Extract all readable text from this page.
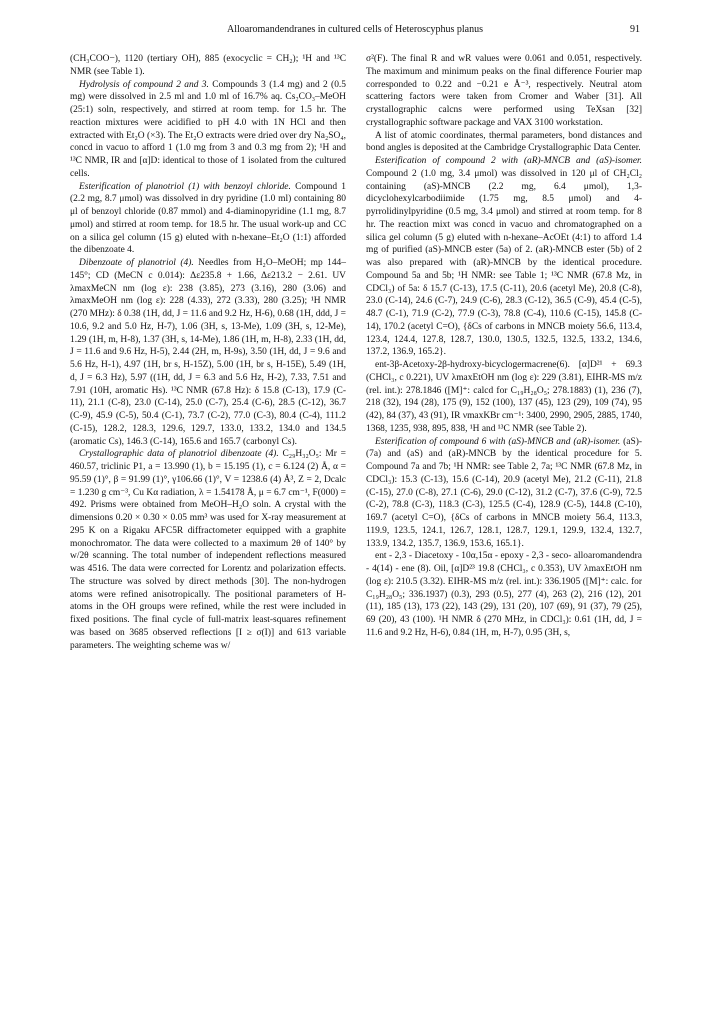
Alloaromandendranes in cultured cells of Heteroscyphus planus	91

(CH₃COO−), 1120 (tertiary OH), 885 (exocyclic = CH₂); ¹H and ¹³C NMR (see Table 1).

Hydrolysis of compound 2 and 3. Compounds 3 (1.4 mg) and 2 (0.5 mg) were dissolved in 2.5 ml and 1.0 ml of 16.7% aq. Cs₂CO₃–MeOH (25:1) soln, respectively, and stirred at room temp. for 1.5 hr. The reaction mixtures were acidified to pH 4.0 with 1N HCl and then extracted with Et₂O (×3). The Et₂O extracts were dried over dry Na₂SO₄, concd in vacuo to afford 1 (1.0 mg from 3 and 0.3 mg from 2); ¹H and ¹³C NMR, IR and [α]D: identical to those of 1 isolated from the cultured cells.

Esterification of planotriol (1) with benzoyl chloride. Compound 1 (2.2 mg, 8.7 μmol) was dissolved in dry pyridine (1.0 ml) containing 80 μl of benzoyl chloride (0.87 mmol) and 4-diaminopyridine (1.1 mg, 8.7 μmol) and stirred at room temp. for 18.5 hr. The usual work-up and CC on a silica gel column (15 g) eluted with n-hexane–Et₂O (1:1) afforded the dibenzoate 4.

Dibenzoate of planotriol (4). Needles from H₂O–MeOH; mp 144–145°; CD (MeCN c 0.014): Δε235.8 + 1.66, Δε213.2 − 2.61. UV λmaxMeCN nm (log ε): 238 (3.85), 273 (3.16), 280 (3.06) and λmaxMeOH nm (log ε): 228 (4.33), 272 (3.33), 280 (3.25); ¹H NMR (270 MHz): δ 0.38 (1H, dd, J = 11.6 and 9.2 Hz, H-6), 0.68 (1H, ddd, J = 10.6, 9.2 and 5.0 Hz, H-7), 1.06 (3H, s, 13-Me), 1.09 (3H, s, 12-Me), 1.29 (1H, m, H-8), 1.37 (3H, s, 14-Me), 1.86 (1H, m, H-8), 2.33 (1H, dd, J = 11.6 and 9.6 Hz, H-5), 2.44 (2H, m, H-9s), 3.50 (1H, dd, J = 9.6 and 5.6 Hz, H-1), 4.97 (1H, br s, H-15Z), 5.00 (1H, br s, H-15E), 5.49 (1H, d, J = 6.3 Hz), 5.97 ((1H, dd, J = 6.3 and 5.6 Hz, H-2), 7.33, 7.51 and 7.91 (10H, aromatic Hs). ¹³C NMR (67.8 Hz): δ 15.8 (C-13), 17.9 (C-11), 21.1 (C-8), 23.0 (C-14), 25.0 (C-7), 25.4 (C-6), 28.5 (C-12), 36.7 (C-9), 45.9 (C-5), 50.4 (C-1), 73.7 (C-2), 77.0 (C-3), 80.4 (C-4), 111.2 (C-15), 128.2, 128.3, 129.6, 129.7, 133.0, 133.2, 134.0 and 134.5 (aromatic Cs), 146.3 (C-14), 165.6 and 165.7 (carbonyl Cs).

Crystallographic data of planotriol dibenzoate (4). C₂₉H₃₂O₅: Mr = 460.57, triclinic P1, a = 13.990 (1), b = 15.195 (1), c = 6.124 (2) Å, α = 95.59 (1)°, β = 91.99 (1)°, γ106.66 (1)°, V = 1238.6 (4) Å³, Z = 2, Dcalc = 1.230 g cm⁻³, Cu Kα radiation, λ = 1.54178 Å, μ = 6.7 cm⁻¹, F(000) = 492. Prisms were obtained from MeOH–H₂O soln. A crystal with the dimensions 0.20 × 0.30 × 0.05 mm³ was used for X-ray measurement at 295 K on a Rigaku AFC5R diffractometer equipped with a graphite monochromator. The data were collected to a maximum 2θ of 140° by w/2θ scanning. The total number of independent reflections measured was 4516. The data were corrected for Lorentz and polarization effects. The structure was solved by direct methods [30]. The non-hydrogen atoms were refined anisotropically. The positional parameters of H-atoms in the OH groups were refined, while the rest were included in fixed positions. The final cycle of full-matrix least-squares refinement was based on 3685 observed reflections [I ≥ σ(I)] and 613 variable parameters. The weighting scheme was w/

σ²(F). The final R and wR values were 0.061 and 0.051, respectively. The maximum and minimum peaks on the final difference Fourier map corresponded to 0.22 and −0.21 e Å⁻³, respectively. Neutral atom scattering factors were taken from Cromer and Waber [31]. All crystallographic calcns were performed using TeXsan [32] crystallographic software package and VAX 3100 workstation.

A list of atomic coordinates, thermal parameters, bond distances and bond angles is deposited at the Cambridge Crystallographic Data Center.

Esterification of compound 2 with (aR)-MNCB and (aS)-isomer. Compound 2 (1.0 mg, 3.4 μmol) was dissolved in 120 μl of CH₂Cl₂ containing (aS)-MNCB (2.2 mg, 6.4 μmol), 1,3-dicyclohexylcarbodiimide (1.75 mg, 8.5 μmol) and 4-pyrrolidinylpyridine (0.5 mg, 3.4 μmol) and stirred at room temp. for 8 hr. The reaction mixt was concd in vacuo and chromatographed on a silica gel column (5 g) eluted with n-hexane–AcOEt (4:1) to afford 1.4 mg of purified (aS)-MNCB ester (5a) of 2. (aR)-MNCB ester (5b) of 2 was also prepared with (aR)-MNCB by the identical procedure. Compound 5a and 5b; ¹H NMR: see Table 1; ¹³C NMR (67.8 Mz, in CDCl₃) of 5a: δ 15.7 (C-13), 17.5 (C-11), 20.6 (acetyl Me), 20.8 (C-8), 23.0 (C-14), 24.6 (C-7), 24.9 (C-6), 28.3 (C-12), 36.5 (C-9), 45.4 (C-5), 48.7 (C-1), 71.9 (C-2), 77.9 (C-3), 78.8 (C-4), 110.6 (C-15), 145.8 (C-14), 170.2 (acetyl C=O), {δCs of carbons in MNCB moiety 56.6, 113.4, 123.4, 124.4, 127.8, 128.7, 130.0, 130.5, 132.5, 132.5, 133.2, 134.6, 137.2, 136.9, 165.2}.

ent-3β-Acetoxy-2β-hydroxy-bicyclogermacrene(6). [α]D²¹ + 69.3 (CHCl₃, c 0.221), UV λmaxEtOH nm (log ε): 229 (3.81), EIHR-MS m/z (rel. int.): 278.1846 ([M]⁺: calcd for C₁₉H₂₈O₅; 278.1883) (1), 236 (7), 218 (32), 194 (28), 175 (9), 152 (100), 137 (45), 123 (29), 109 (74), 95 (42), 84 (37), 43 (91), IR νmaxKBr cm⁻¹: 3400, 2990, 2905, 2885, 1740, 1368, 1235, 938, 895, 838, ¹H and ¹³C NMR (see Table 2).

Esterification of compound 6 with (aS)-MNCB and (aR)-isomer. (aS)- (7a) and (aS) and (aR)-MNCB by the identical procedure for 5. Compound 7a and 7b; ¹H NMR: see Table 2, 7a; ¹³C NMR (67.8 Mz, in CDCl₃): 15.3 (C-13), 15.6 (C-14), 20.9 (acetyl Me), 21.2 (C-11), 21.8 (C-15), 27.0 (C-8), 27.1 (C-6), 29.0 (C-12), 31.2 (C-7), 37.6 (C-9), 72.5 (C-2), 78.8 (C-3), 118.3 (C-3), 125.5 (C-4), 128.9 (C-5), 144.8 (C-10), 169.7 (acetyl C=O), {δCs of carbons in MNCB moiety 56.4, 113.3, 119.9, 123.5, 124.1, 126.7, 128.1, 128.7, 129.1, 129.9, 132.4, 132.7, 133.9, 134.2, 135.7, 136.9, 153.6, 165.1}.

ent - 2,3 - Diacetoxy - 10α,15α - epoxy - 2,3 - seco- alloaromandendra - 4(14) - ene (8). Oil, [α]D²³ 19.8 (CHCl₃, c 0.353), UV λmaxEtOH nm (log ε): 210.5 (3.32). EIHR-MS m/z (rel. int.): 336.1905 ([M]⁺: calc. for C₁₉H₂₈O₅; 336.1937) (0.3), 293 (0.5), 277 (4), 263 (2), 216 (12), 201 (11), 185 (13), 173 (22), 143 (29), 131 (20), 107 (69), 91 (37), 79 (25), 69 (20), 43 (100). ¹H NMR δ (270 MHz, in CDCl₃): 0.61 (1H, dd, J = 11.6 and 9.2 Hz, H-6), 0.84 (1H, m, H-7), 0.95 (3H, s,
